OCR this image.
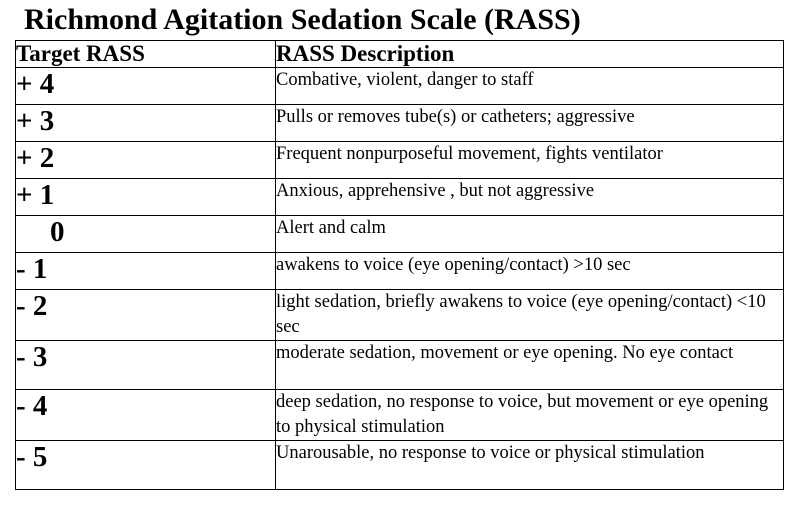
Richmond Agitation Sedation Scale (RASS)
Target RASS	RASS Description
+ 4	Combative, violent, danger to staff
+ 3	Pulls or removes tube(s) or catheters; aggressive
+ 2	Frequent nonpurposeful movement, fights ventilator
+ 1	Anxious, apprehensive , but not aggressive
0	Alert and calm
- 1	awakens to voice (eye opening/contact) >10 sec
- 2	light sedation, briefly awakens to voice (eye opening/contact) <10 sec
- 3	moderate sedation, movement or eye opening. No eye contact
- 4	deep sedation, no response to voice, but movement or eye opening to physical stimulation
- 5	Unarousable, no response to voice or physical stimulation
